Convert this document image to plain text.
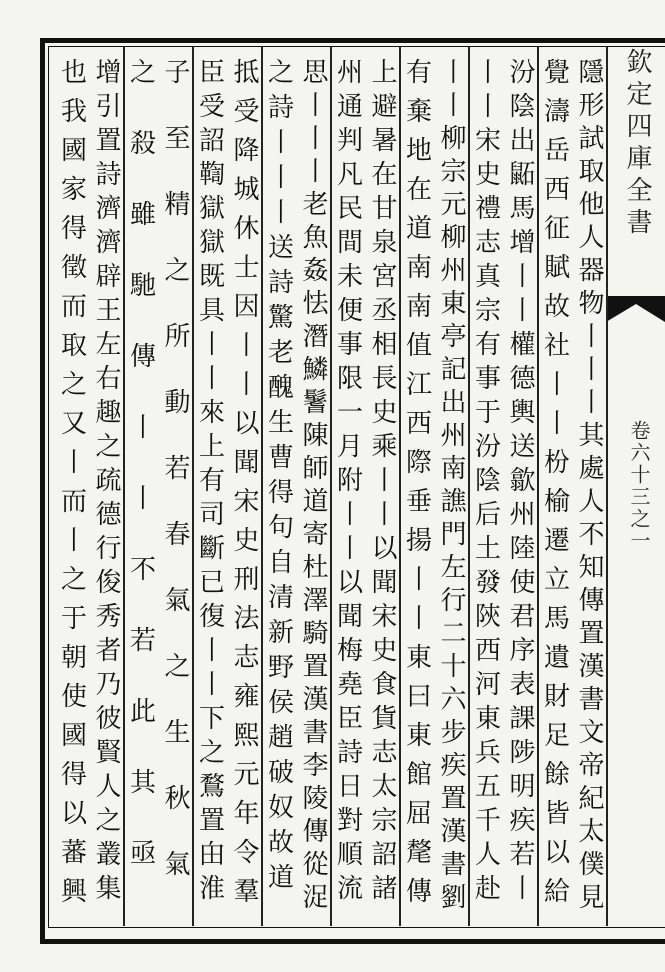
欽定四庫全書
卷六十三之一
隱形試取他人器物丨丨丨其處人不知傳置漢書文帝紀太僕見
覺濤岳西征賦故社丨丨枌榆遷立馬遺財足餘皆以給
汾陰出鼫馬增丨丨權德輿送歙州陸使君序表課陟明疾若丨
丨丨宋史禮志真宗有事于汾陰后土發陝西河東兵五千人赴
丨丨柳宗元柳州東亭記出州南譙門左行二十六步疾置漢書劉
有棄地在道南南值江西際垂揚丨丨東曰東館屈氂傳
上避暑在甘泉宮丞相長史乘丨丨以聞宋史食貨志太宗詔諸
州通判凡民間未便事限一月附丨丨以聞梅堯臣詩日對順流
思丨丨丨老魚姦怯潛鱗鬐陳師道寄杜澤騎置漢書李陵傳從浞
之詩丨丨丨送詩驚老醜生曹得句自清新野侯趙破奴故道
抵受降城休士因丨丨以聞宋史刑法志雍熙元年令羣
臣受詔鞫獄獄既具丨丨來上有司斷已復丨丨下之鶩置甶淮
子至精之所動若春氣之生秋氣
之殺雖馳傳丨丨不若此其亟
增引置詩濟濟辟王左右趣之疏德行俊秀者乃彼賢人之叢集
也我國家得徵而取之又丨而丨之于朝使國得以蕃興
